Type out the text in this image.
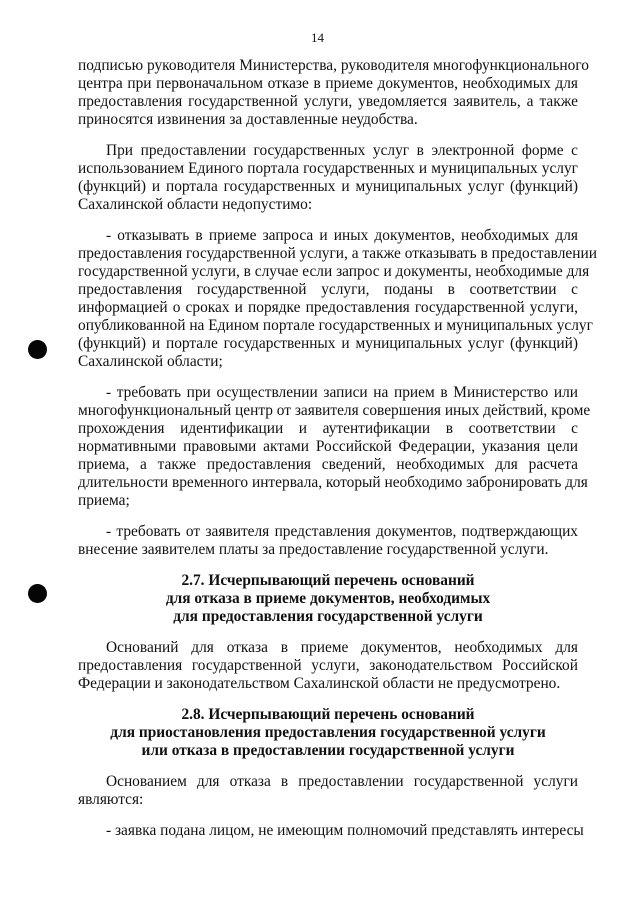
14
подписью руководителя Министерства, руководителя многофункционального
центра при первоначальном отказе в приеме документов, необходимых для
предоставления государственной услуги, уведомляется заявитель, а также
приносятся извинения за доставленные неудобства.
При предоставлении государственных услуг в электронной форме с
использованием Единого портала государственных и муниципальных услуг
(функций) и портала государственных и муниципальных услуг (функций)
Сахалинской области недопустимо:
- отказывать в приеме запроса и иных документов, необходимых для
предоставления государственной услуги, а также отказывать в предоставлении
государственной услуги, в случае если запрос и документы, необходимые для
предоставления государственной услуги, поданы в соответствии с
информацией о сроках и порядке предоставления государственной услуги,
опубликованной на Едином портале государственных и муниципальных услуг
(функций) и портале государственных и муниципальных услуг (функций)
Сахалинской области;
- требовать при осуществлении записи на прием в Министерство или
многофункциональный центр от заявителя совершения иных действий, кроме
прохождения идентификации и аутентификации в соответствии с
нормативными правовыми актами Российской Федерации, указания цели
приема, а также предоставления сведений, необходимых для расчета
длительности временного интервала, который необходимо забронировать для
приема;
- требовать от заявителя представления документов, подтверждающих
внесение заявителем платы за предоставление государственной услуги.
2.7. Исчерпывающий перечень оснований
для отказа в приеме документов, необходимых
для предоставления государственной услуги
Оснований для отказа в приеме документов, необходимых для
предоставления государственной услуги, законодательством Российской
Федерации и законодательством Сахалинской области не предусмотрено.
2.8. Исчерпывающий перечень оснований
для приостановления предоставления государственной услуги
или отказа в предоставлении государственной услуги
Основанием для отказа в предоставлении государственной услуги
являются:
- заявка подана лицом, не имеющим полномочий представлять интересы
